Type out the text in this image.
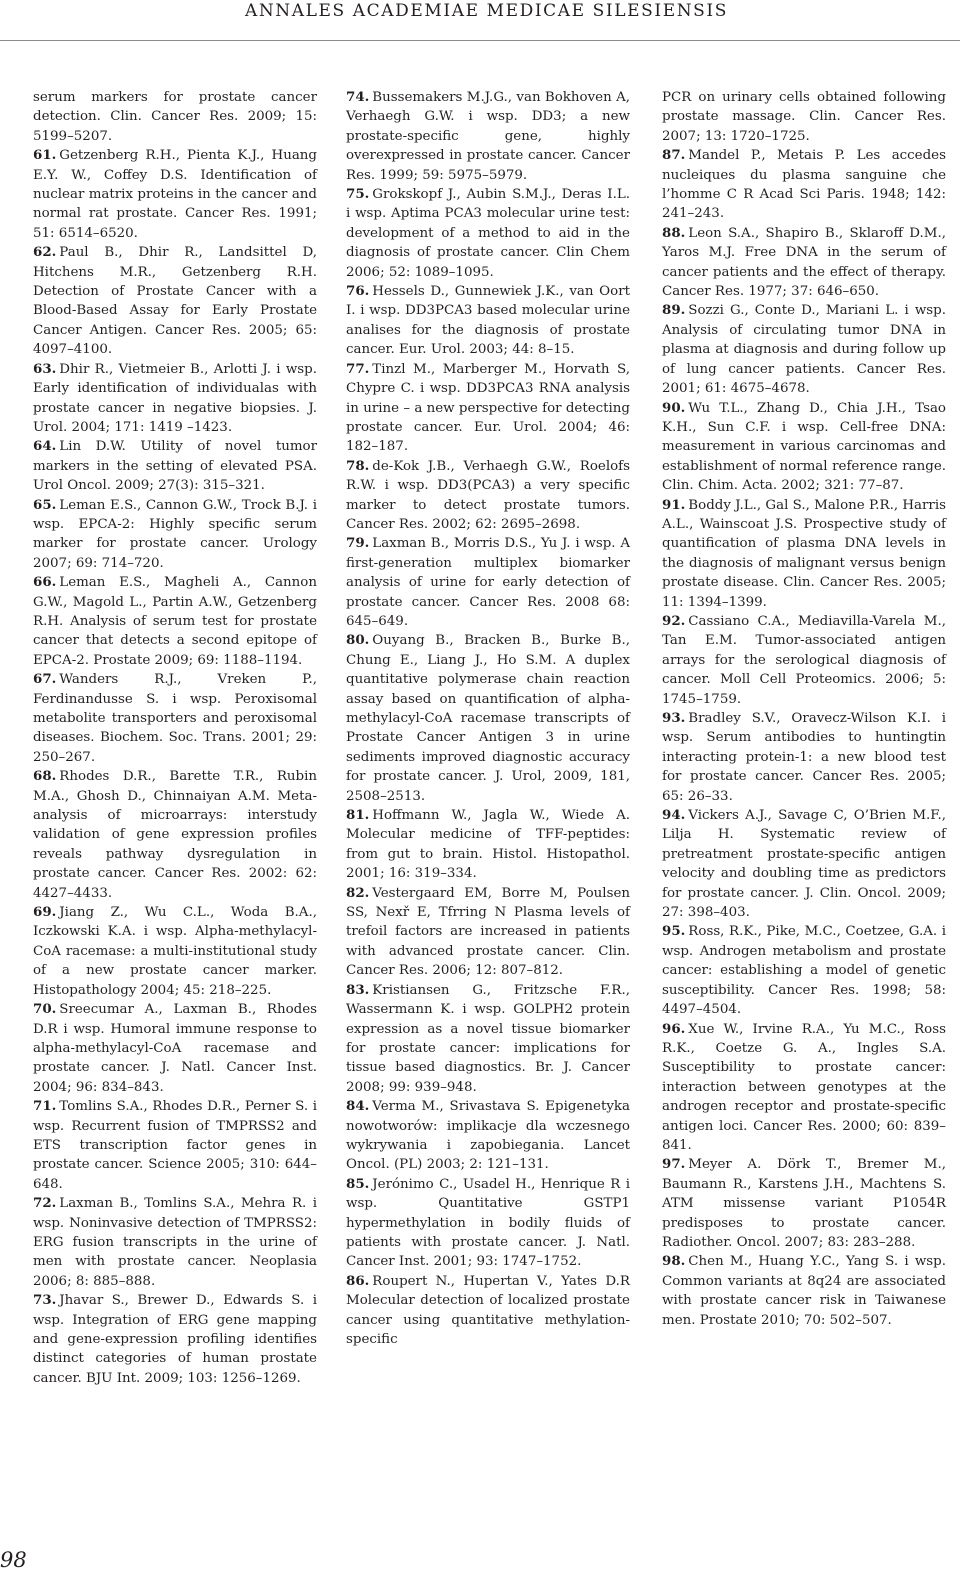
ANNALES ACADEMIAE MEDICAE SILESIENSIS

serum markers for prostate cancer detection. Clin. Cancer Res. 2009; 15: 5199–5207.

61. Getzenberg R.H., Pienta K.J., Huang E.Y. W., Coffey D.S. Identification of nuclear matrix proteins in the cancer and normal rat prostate. Cancer Res. 1991; 51: 6514–6520.

62. Paul B., Dhir R., Landsittel D, Hitchens M.R., Getzenberg R.H. Detection of Prostate Cancer with a Blood-Based Assay for Early Prostate Cancer Antigen. Cancer Res. 2005; 65: 4097–4100.

63. Dhir R., Vietmeier B., Arlotti J. i wsp. Early identification of individualas with prostate cancer in negative biopsies. J. Urol. 2004; 171: 1419 –1423.

64. Lin D.W. Utility of novel tumor markers in the setting of elevated PSA. Urol Oncol. 2009; 27(3): 315–321.

65. Leman E.S., Cannon G.W., Trock B.J. i wsp. EPCA-2: Highly specific serum marker for prostate cancer. Urology 2007; 69: 714–720.

66. Leman E.S., Magheli A., Cannon G.W., Magold L., Partin A.W., Getzenberg R.H. Analysis of serum test for prostate cancer that detects a second epitope of EPCA-2. Prostate 2009; 69: 1188–1194.

67. Wanders R.J., Vreken P., Ferdinandusse S. i wsp. Peroxisomal metabolite transporters and peroxisomal diseases. Biochem. Soc. Trans. 2001; 29: 250–267.

68. Rhodes D.R., Barette T.R., Rubin M.A., Ghosh D., Chinnaiyan A.M. Meta-analysis of microarrays: interstudy validation of gene expression profiles reveals pathway dysregulation in prostate cancer. Cancer Res. 2002: 62: 4427–4433.

69. Jiang Z., Wu C.L., Woda B.A., Iczkowski K.A. i wsp. Alpha-methylacyl-CoA racemase: a multi-institutional study of a new prostate cancer marker. Histopathology 2004; 45: 218–225.

70. Sreecumar A., Laxman B., Rhodes D.R i wsp. Humoral immune response to alpha-methylacyl-CoA racemase and prostate cancer. J. Natl. Cancer Inst. 2004; 96: 834–843.

71. Tomlins S.A., Rhodes D.R., Perner S. i wsp. Recurrent fusion of TMPRSS2 and ETS transcription factor genes in prostate cancer. Science 2005; 310: 644–648.

72. Laxman B., Tomlins S.A., Mehra R. i wsp. Noninvasive detection of TMPRSS2: ERG fusion transcripts in the urine of men with prostate cancer. Neoplasia 2006; 8: 885–888.

73. Jhavar S., Brewer D., Edwards S. i wsp. Integration of ERG gene mapping and gene-expression profiling identifies distinct categories of human prostate cancer. BJU Int. 2009; 103: 1256–1269.

74. Bussemakers M.J.G., van Bokhoven A, Verhaegh G.W. i wsp. DD3; a new prostate-specific gene, highly overexpressed in prostate cancer. Cancer Res. 1999; 59: 5975–5979.

75. Grokskopf J., Aubin S.M.J., Deras I.L. i wsp. Aptima PCA3 molecular urine test: development of a method to aid in the diagnosis of prostate cancer. Clin Chem 2006; 52: 1089–1095.

76. Hessels D., Gunnewiek J.K., van Oort I. i wsp. DD3PCA3 based molecular urine analises for the diagnosis of prostate cancer. Eur. Urol. 2003; 44: 8–15.

77. Tinzl M., Marberger M., Horvath S, Chypre C. i wsp. DD3PCA3 RNA analysis in urine – a new perspective for detecting prostate cancer. Eur. Urol. 2004; 46: 182–187.

78. de-Kok J.B., Verhaegh G.W., Roelofs R.W. i wsp. DD3(PCA3) a very specific marker to detect prostate tumors. Cancer Res. 2002; 62: 2695–2698.

79. Laxman B., Morris D.S., Yu J. i wsp. A first-generation multiplex biomarker analysis of urine for early detection of prostate cancer. Cancer Res. 2008 68: 645–649.

80. Ouyang B., Bracken B., Burke B., Chung E., Liang J., Ho S.M. A duplex quantitative polymerase chain reaction assay based on quantification of alpha-methylacyl-CoA racemase transcripts of Prostate Cancer Antigen 3 in urine sediments improved diagnostic accuracy for prostate cancer. J. Urol, 2009, 181, 2508–2513.

81. Hoffmann W., Jagla W., Wiede A. Molecular medicine of TFF-peptides: from gut to brain. Histol. Histopathol. 2001; 16: 319–334.

82. Vestergaard EM, Borre M, Poulsen SS, Nexř E, Tfrring N Plasma levels of trefoil factors are increased in patients with advanced prostate cancer. Clin. Cancer Res. 2006; 12: 807–812.

83. Kristiansen G., Fritzsche F.R., Wassermann K. i wsp. GOLPH2 protein expression as a novel tissue biomarker for prostate cancer: implications for tissue based diagnostics. Br. J. Cancer 2008; 99: 939–948.

84. Verma M., Srivastava S. Epigenetyka nowotworów: implikacje dla wczesnego wykrywania i zapobiegania. Lancet Oncol. (PL) 2003; 2: 121–131.

85. Jerónimo C., Usadel H., Henrique R i wsp. Quantitative GSTP1 hypermethylation in bodily fluids of patients with prostate cancer. J. Natl. Cancer Inst. 2001; 93: 1747–1752.

86. Roupert N., Hupertan V., Yates D.R Molecular detection of localized prostate cancer using quantitative methylation-specific

PCR on urinary cells obtained following prostate massage. Clin. Cancer Res. 2007; 13: 1720–1725.

87. Mandel P., Metais P. Les accedes nucleiques du plasma sanguine che l’homme C R Acad Sci Paris. 1948; 142: 241–243.

88. Leon S.A., Shapiro B., Sklaroff D.M., Yaros M.J. Free DNA in the serum of cancer patients and the effect of therapy. Cancer Res. 1977; 37: 646–650.

89. Sozzi G., Conte D., Mariani L. i wsp. Analysis of circulating tumor DNA in plasma at diagnosis and during follow up of lung cancer patients. Cancer Res. 2001; 61: 4675–4678.

90. Wu T.L., Zhang D., Chia J.H., Tsao K.H., Sun C.F. i wsp. Cell-free DNA: measurement in various carcinomas and establishment of normal reference range. Clin. Chim. Acta. 2002; 321: 77–87.

91. Boddy J.L., Gal S., Malone P.R., Harris A.L., Wainscoat J.S. Prospective study of quantification of plasma DNA levels in the diagnosis of malignant versus benign prostate disease. Clin. Cancer Res. 2005; 11: 1394–1399.

92. Cassiano C.A., Mediavilla-Varela M., Tan E.M. Tumor-associated antigen arrays for the serological diagnosis of cancer. Moll Cell Proteomics. 2006; 5: 1745–1759.

93. Bradley S.V., Oravecz-Wilson K.I. i wsp. Serum antibodies to huntingtin interacting protein-1: a new blood test for prostate cancer. Cancer Res. 2005; 65: 26–33.

94. Vickers A.J., Savage C, O’Brien M.F., Lilja H. Systematic review of pretreatment prostate-specific antigen velocity and doubling time as predictors for prostate cancer. J. Clin. Oncol. 2009; 27: 398–403.

95. Ross, R.K., Pike, M.C., Coetzee, G.A. i wsp. Androgen metabolism and prostate cancer: establishing a model of genetic susceptibility. Cancer Res. 1998; 58: 4497–4504.

96. Xue W., Irvine R.A., Yu M.C., Ross R.K., Coetze G. A., Ingles S.A. Susceptibility to prostate cancer: interaction between genotypes at the androgen receptor and prostate-specific antigen loci. Cancer Res. 2000; 60: 839–841.

97. Meyer A. Dörk T., Bremer M., Baumann R., Karstens J.H., Machtens S. ATM missense variant P1054R predisposes to prostate cancer. Radiother. Oncol. 2007; 83: 283–288.

98. Chen M., Huang Y.C., Yang S. i wsp. Common variants at 8q24 are associated with prostate cancer risk in Taiwanese men. Prostate 2010; 70: 502–507.

98
